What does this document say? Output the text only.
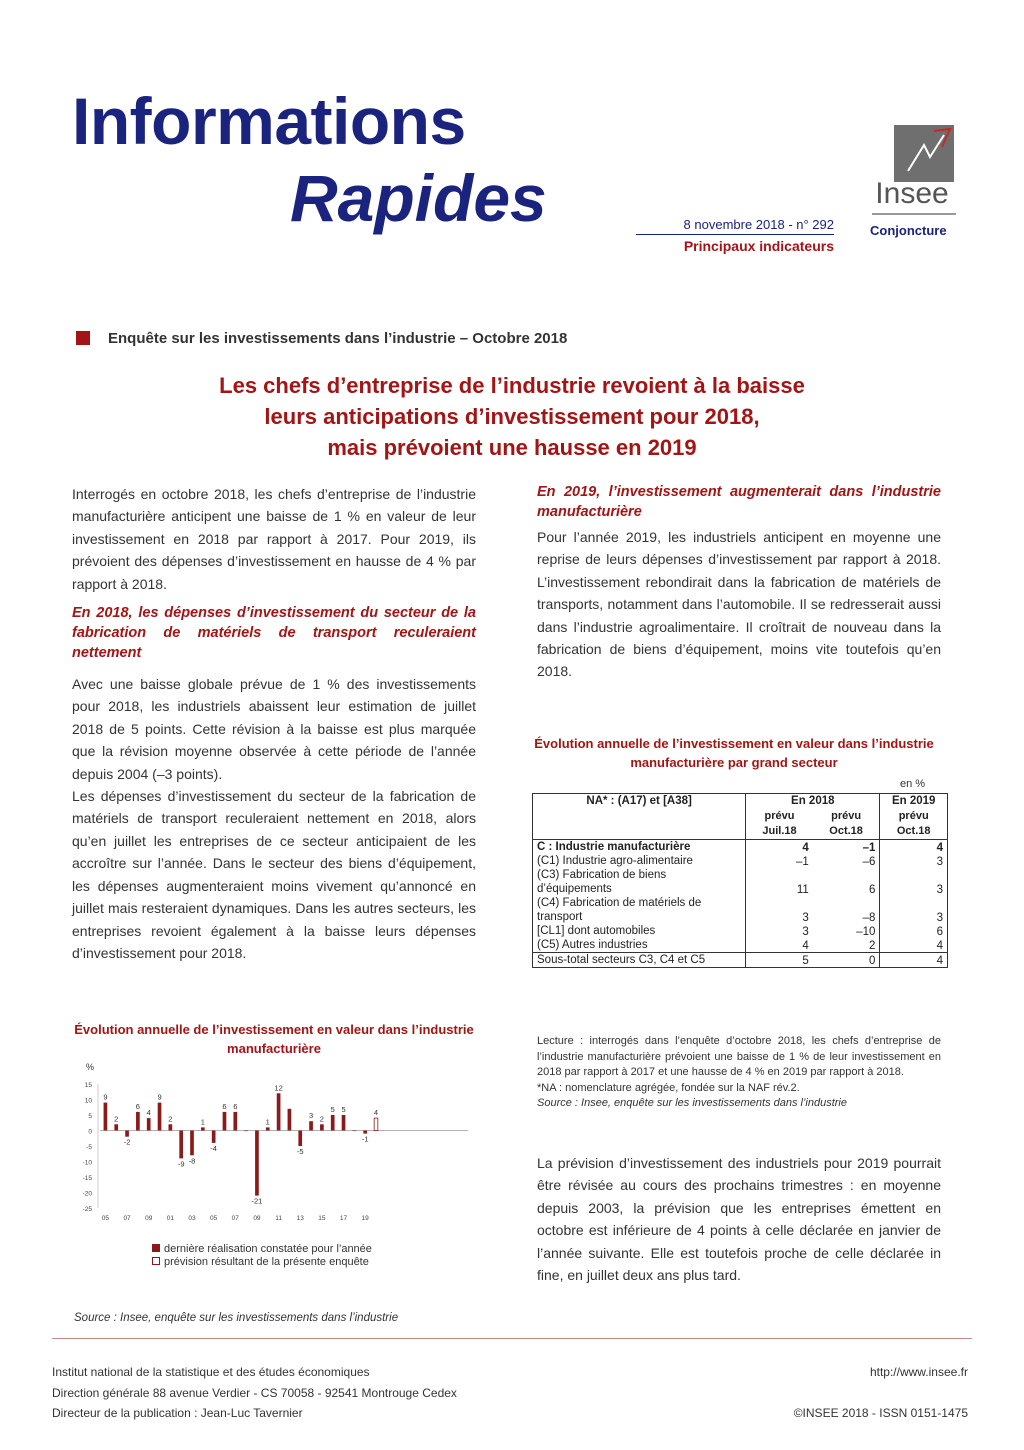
Informations
Rapides	8 novembre 2018 - n° 292
Principaux indicateurs
Insee
Conjoncture
Enquête sur les investissements dans l’industrie – Octobre 2018
Les chefs d’entreprise de l’industrie revoient à la baisse
leurs anticipations d’investissement pour 2018,
mais prévoient une hausse en 2019

Interrogés en octobre 2018, les chefs d’entreprise de l’industrie manufacturière anticipent une baisse de 1 % en valeur de leur investissement en 2018 par rapport à 2017. Pour 2019, ils prévoient des dépenses d’investissement en hausse de 4 % par rapport à 2018.

En 2018, les dépenses d’investissement du secteur de la fabrication de matériels de transport reculeraient nettement

Avec une baisse globale prévue de 1 % des investissements pour 2018, les industriels abaissent leur estimation de juillet 2018 de 5 points. Cette révision à la baisse est plus marquée que la révision moyenne observée à cette période de l’année depuis 2004 (–3 points).

Les dépenses d’investissement du secteur de la fabrication de matériels de transport reculeraient nettement en 2018, alors qu’en juillet les entreprises de ce secteur anticipaient de les accroître sur l’année. Dans le secteur des biens d’équipement, les dépenses augmenteraient moins vivement qu’annoncé en juillet mais resteraient dynamiques. Dans les autres secteurs, les entreprises revoient également à la baisse leurs dépenses d’investissement pour 2018.

Évolution annuelle de l’investissement en valeur dans l’industrie manufacturière
%
-25
-20
-15
-10
-5
0
5
10
15
9
2
-2
6
4
9
2
-9 -8
1
-4
6 6
-21
1
12
-5
3 2
5 5
-1
4
05 07 09 01 03 05 07 09 11 13 15 17 19
dernière réalisation constatée pour l’année
prévision résultant de la présente enquête
Source : Insee, enquête sur les investissements dans l’industrie

En 2019, l’investissement augmenterait dans l’industrie manufacturière

Pour l’année 2019, les industriels anticipent en moyenne une reprise de leurs dépenses d’investissement par rapport à 2018. L’investissement rebondirait dans la fabrication de matériels de transports, notamment dans l’automobile. Il se redresserait aussi dans l’industrie agroalimentaire. Il croîtrait de nouveau dans la fabrication de biens d’équipement, moins vite toutefois qu’en 2018.

Évolution annuelle de l’investissement en valeur dans l’industrie manufacturière par grand secteur
en %
NA* : (A17) et [A38]	En 2018		En 2019
	prévu Juil.18	prévu Oct.18	prévu Oct.18
C : Industrie manufacturière	4	–1	4
(C1) Industrie agro-alimentaire	–1	–6	3
(C3) Fabrication de biens d’équipements	11	6	3
(C4) Fabrication de matériels de transport	3	–8	3
[CL1] dont automobiles	3	–10	6
(C5) Autres industries	4	2	4
Sous-total secteurs C3, C4 et C5	5	0	4
Lecture : interrogés dans l’enquête d’octobre 2018, les chefs d’entreprise de l’industrie manufacturière prévoient une baisse de 1 % de leur investissement en 2018 par rapport à 2017 et une hausse de 4 % en 2019 par rapport à 2018.
*NA : nomenclature agrégée, fondée sur la NAF rév.2.
Source : Insee, enquête sur les investissements dans l’industrie

La prévision d’investissement des industriels pour 2019 pourrait être révisée au cours des prochains trimestres : en moyenne depuis 2003, la prévision que les entreprises émettent en octobre est inférieure de 4 points à celle déclarée en janvier de l’année suivante. Elle est toutefois proche de celle déclarée in fine, en juillet deux ans plus tard.

Institut national de la statistique et des études économiques
Direction générale 88 avenue Verdier - CS 70058 - 92541 Montrouge Cedex
Directeur de la publication : Jean-Luc Tavernier
http://www.insee.fr
©INSEE 2018 - ISSN 0151-1475
